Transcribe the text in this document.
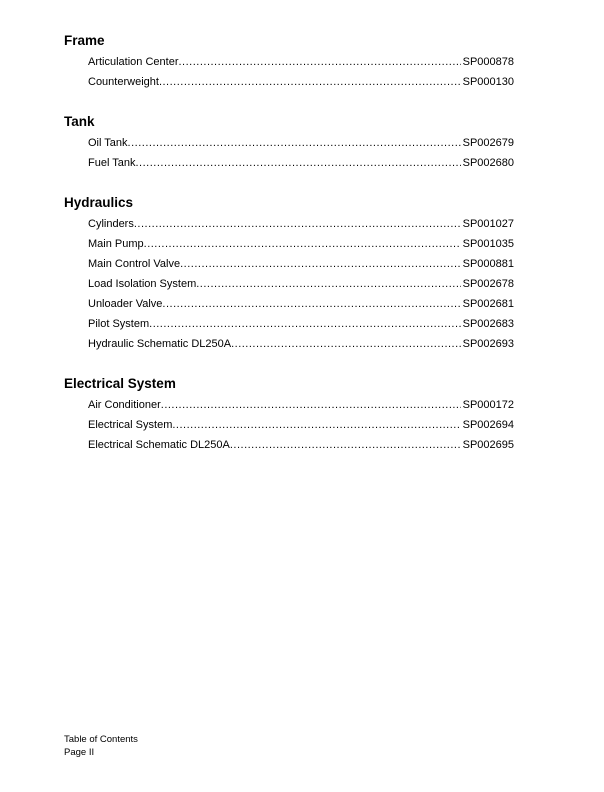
Frame
Articulation Center .....	SP000878
Counterweight .....	SP000130
Tank
Oil Tank .....	SP002679
Fuel Tank .....	SP002680
Hydraulics
Cylinders .....	SP001027
Main Pump .....	SP001035
Main Control Valve .....	SP000881
Load Isolation System .....	SP002678
Unloader Valve .....	SP002681
Pilot System .....	SP002683
Hydraulic Schematic DL250A .....	SP002693
Electrical System
Air Conditioner .....	SP000172
Electrical System .....	SP002694
Electrical Schematic DL250A .....	SP002695
Table of Contents
Page II
